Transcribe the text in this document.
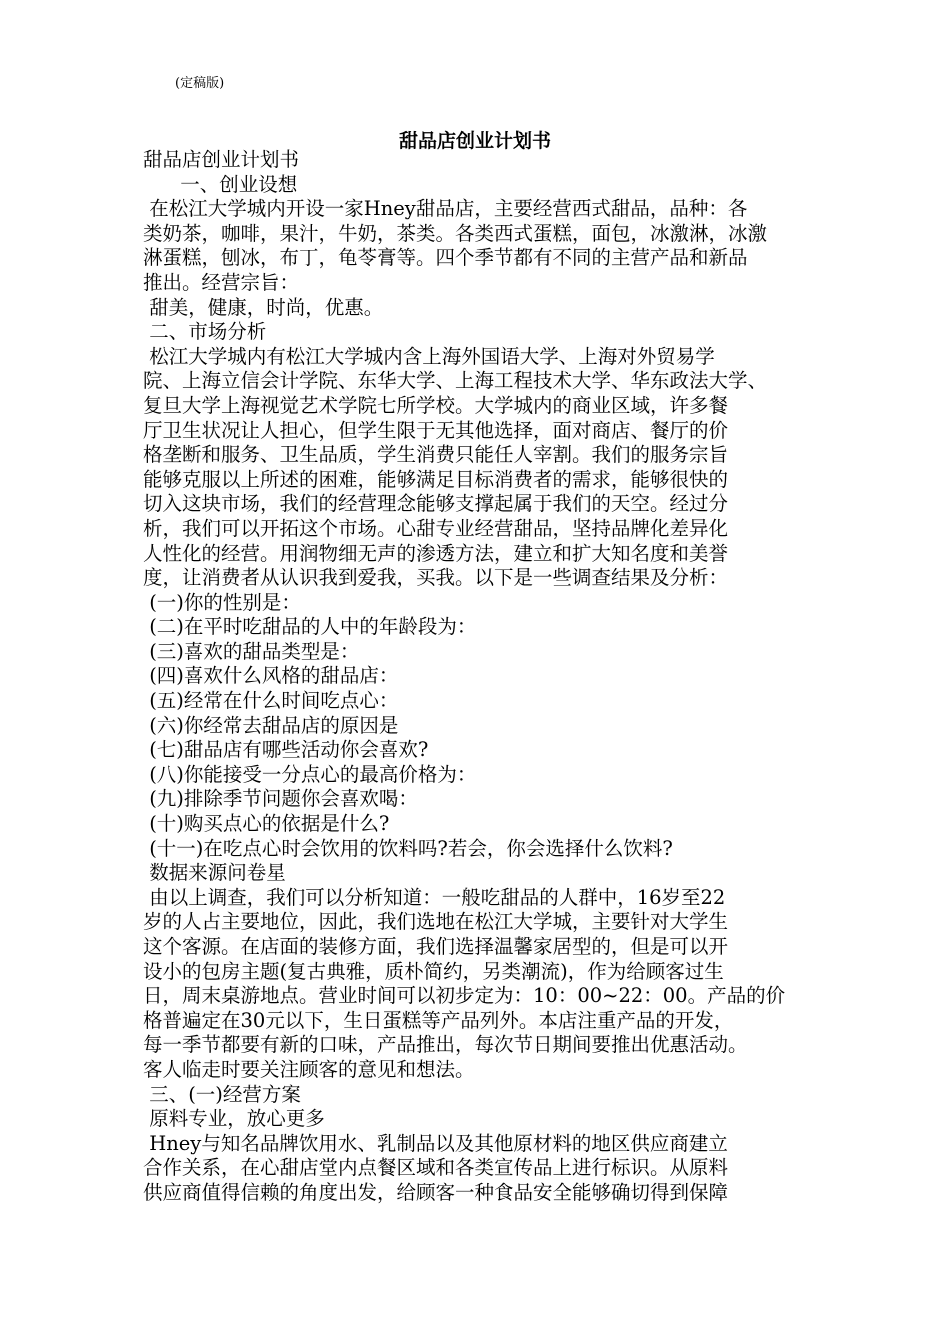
(定稿版)
甜品店创业计划书
甜品店创业计划书
一、创业设想
在松江大学城内开设一家Hney甜品店，主要经营西式甜品，品种：各
类奶茶，咖啡，果汁，牛奶，茶类。各类西式蛋糕，面包，冰激淋，冰激
淋蛋糕，刨冰，布丁，龟苓膏等。四个季节都有不同的主营产品和新品
推出。经营宗旨：
甜美，健康，时尚，优惠。
二、市场分析
松江大学城内有松江大学城内含上海外国语大学、上海对外贸易学
院、上海立信会计学院、东华大学、上海工程技术大学、华东政法大学、
复旦大学上海视觉艺术学院七所学校。大学城内的商业区域，许多餐
厅卫生状况让人担心，但学生限于无其他选择，面对商店、餐厅的价
格垄断和服务、卫生品质，学生消费只能任人宰割。我们的服务宗旨
能够克服以上所述的困难，能够满足目标消费者的需求，能够很快的
切入这块市场，我们的经营理念能够支撑起属于我们的天空。经过分
析，我们可以开拓这个市场。心甜专业经营甜品，坚持品牌化差异化
人性化的经营。用润物细无声的渗透方法，建立和扩大知名度和美誉
度，让消费者从认识我到爱我，买我。以下是一些调查结果及分析：
(一)你的性别是：
(二)在平时吃甜品的人中的年龄段为：
(三)喜欢的甜品类型是：
(四)喜欢什么风格的甜品店：
(五)经常在什么时间吃点心：
(六)你经常去甜品店的原因是
(七)甜品店有哪些活动你会喜欢?
(八)你能接受一分点心的最高价格为：
(九)排除季节问题你会喜欢喝：
(十)购买点心的依据是什么?
(十一)在吃点心时会饮用的饮料吗?若会，你会选择什么饮料?
数据来源问卷星
由以上调查，我们可以分析知道：一般吃甜品的人群中，16岁至22
岁的人占主要地位，因此，我们选地在松江大学城，主要针对大学生
这个客源。在店面的装修方面，我们选择温馨家居型的，但是可以开
设小的包房主题(复古典雅，质朴简约，另类潮流)，作为给顾客过生
日，周末桌游地点。营业时间可以初步定为：10：00~22：00。产品的价
格普遍定在30元以下，生日蛋糕等产品列外。本店注重产品的开发，
每一季节都要有新的口味，产品推出，每次节日期间要推出优惠活动。
客人临走时要关注顾客的意见和想法。
三、(一)经营方案
原料专业，放心更多
Hney与知名品牌饮用水、乳制品以及其他原材料的地区供应商建立
合作关系，在心甜店堂内点餐区域和各类宣传品上进行标识。从原料
供应商值得信赖的角度出发，给顾客一种食品安全能够确切得到保障
